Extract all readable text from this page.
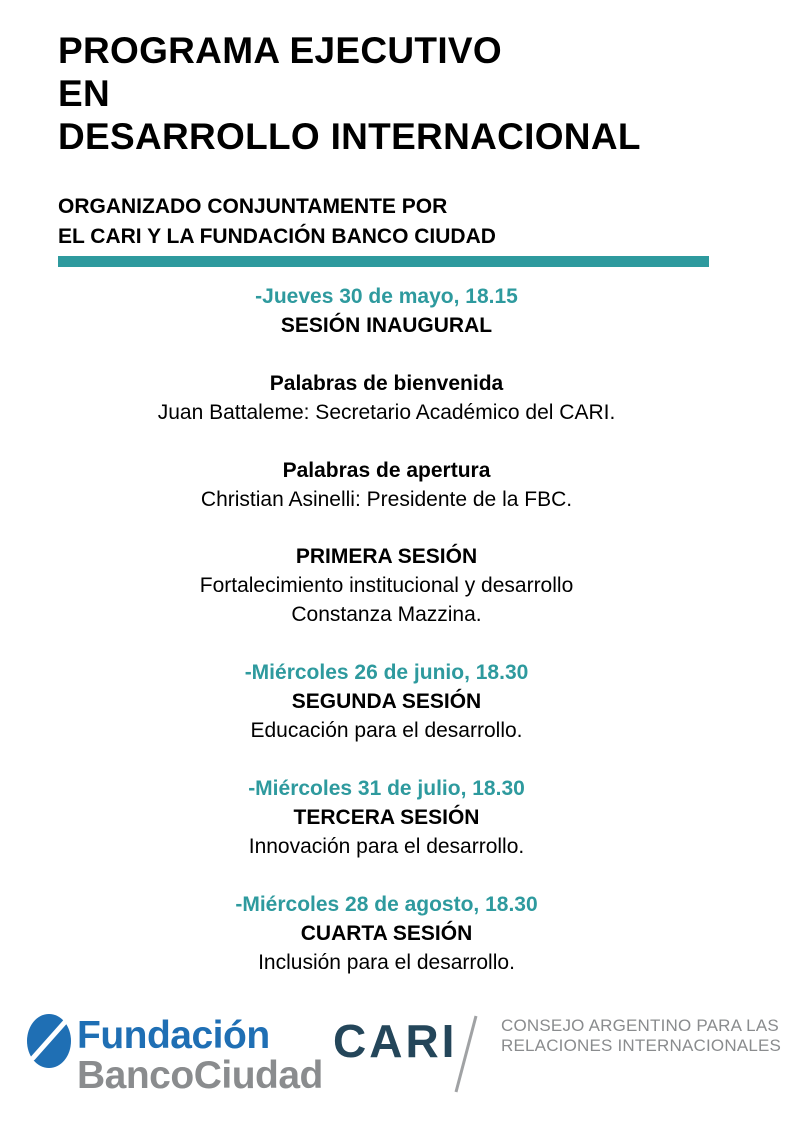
PROGRAMA EJECUTIVO
EN
DESARROLLO INTERNACIONAL
ORGANIZADO CONJUNTAMENTE POR
EL CARI Y LA FUNDACIÓN BANCO CIUDAD
-Jueves 30 de mayo, 18.15
SESIÓN INAUGURAL
Palabras de bienvenida
Juan Battaleme: Secretario Académico del CARI.
Palabras de apertura
Christian Asinelli: Presidente de la FBC.
PRIMERA SESIÓN
Fortalecimiento institucional y desarrollo
Constanza Mazzina.
-Miércoles 26 de junio, 18.30
SEGUNDA SESIÓN
Educación para el desarrollo.
-Miércoles 31 de julio, 18.30
TERCERA SESIÓN
Innovación para el desarrollo.
-Miércoles 28 de agosto, 18.30
CUARTA SESIÓN
Inclusión para el desarrollo.
Fundación
BancoCiudad
CARI	CONSEJO ARGENTINO PARA LAS
RELACIONES INTERNACIONALES
